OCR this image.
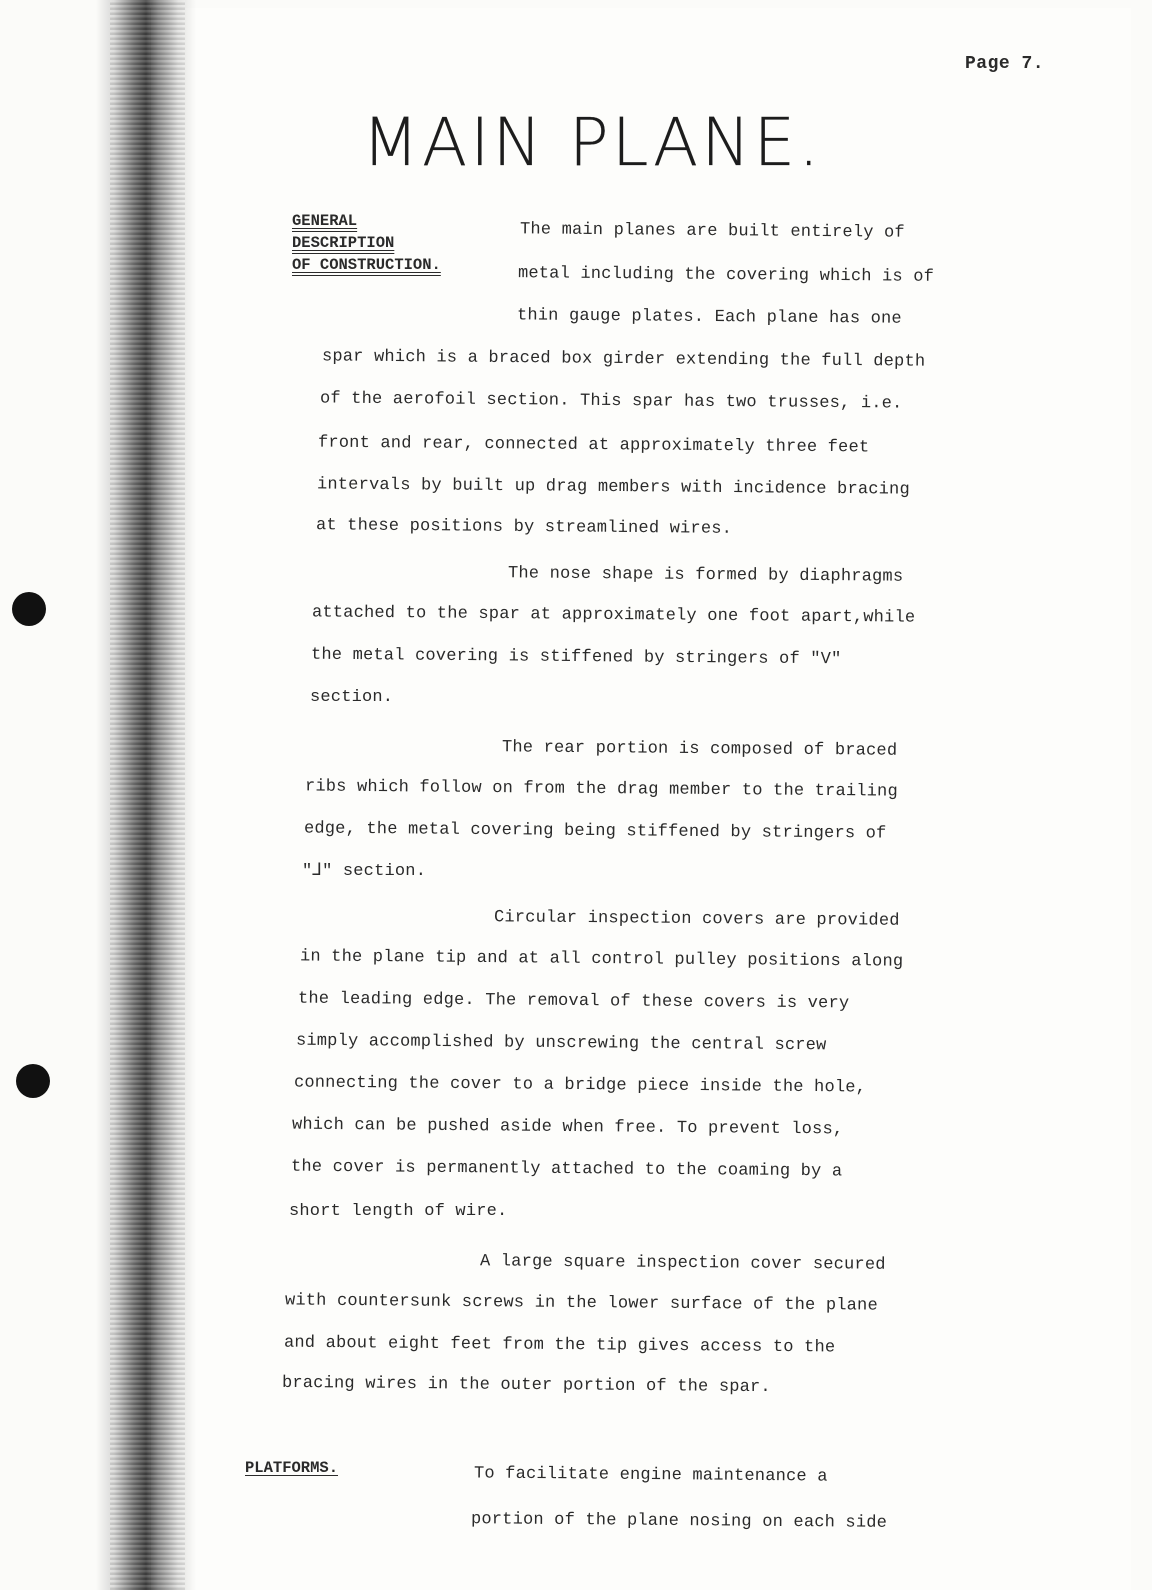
Page 7.
MAIN PLANE.
GENERAL
DESCRIPTION
OF CONSTRUCTION.
The main planes are built entirely of
metal including the covering which is of
thin gauge plates. Each plane has one
spar which is a braced box girder extending the full depth
of the aerofoil section. This spar has two trusses, i.e.
front and rear, connected at approximately three feet
intervals by built up drag members with incidence bracing
at these positions by streamlined wires.
The nose shape is formed by diaphragms
attached to the spar at approximately one foot apart,while
the metal covering is stiffened by stringers of "V"
section.
The rear portion is composed of braced
ribs which follow on from the drag member to the trailing
edge, the metal covering being stiffened by stringers of
"⅃" section.
Circular inspection covers are provided
in the plane tip and at all control pulley positions along
the leading edge. The removal of these covers is very
simply accomplished by unscrewing the central screw
connecting the cover to a bridge piece inside the hole,
which can be pushed aside when free. To prevent loss,
the cover is permanently attached to the coaming by a
short length of wire.
A large square inspection cover secured
with countersunk screws in the lower surface of the plane
and about eight feet from the tip gives access to the
bracing wires in the outer portion of the spar.
PLATFORMS.	To facilitate engine maintenance a
portion of the plane nosing on each side
